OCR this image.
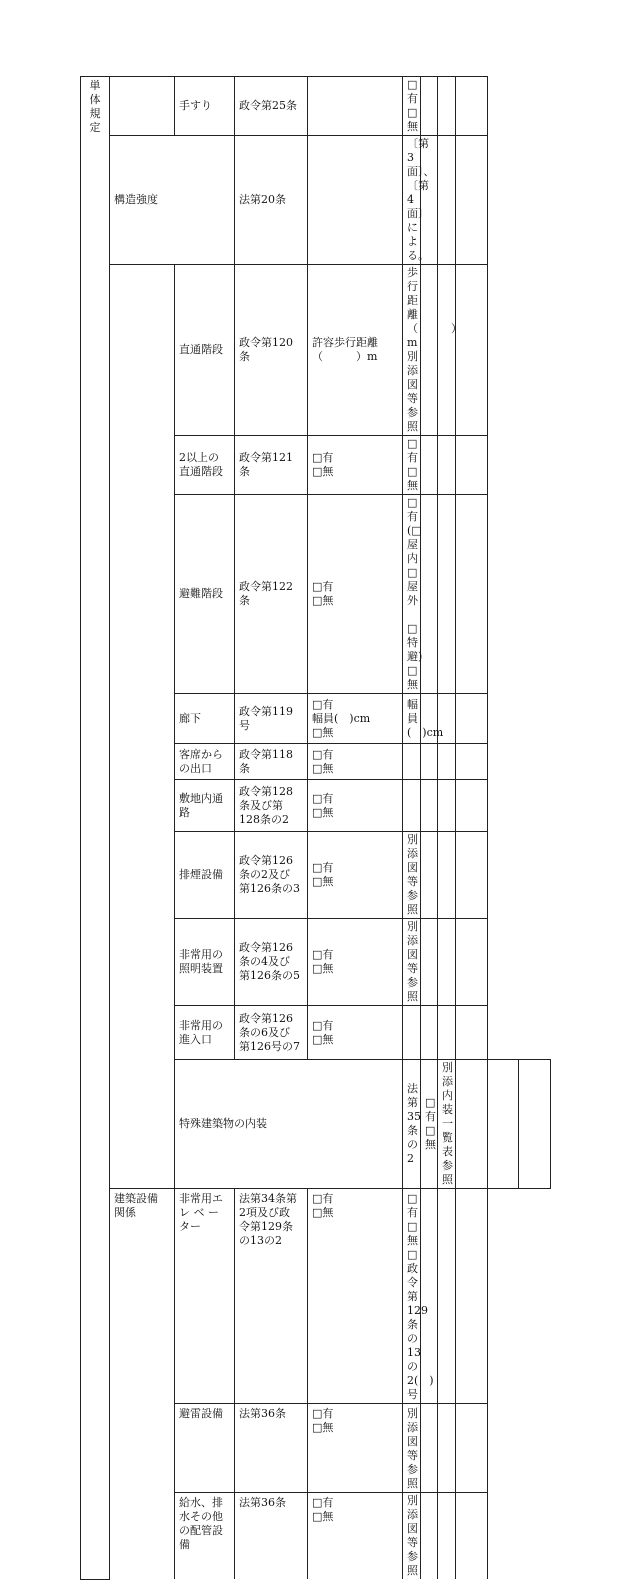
単
体
規
定		手すり	政令第25条		□有
□無					
	構造強度		法第20条		〔第3面〕、〔第4
面〕による。					
		直通階段	政令第120
条	許容歩行距離
（　　　）m	歩行距離
（　　　）m
別添図等参照					
		2以上の
直通階段	政令第121
条	□有
□無	□有
□無					
		避難階段	政令第122
条	□有
□無	□有
(□屋内　□屋外
　□特避)
□無					
		廊下	政令第119
号	□有
幅員(　)cm
□無	幅員(　)cm					
		客席から
の出口	政令第118
条	□有
□無						
		敷地内通
路	政令第128
条及び第
128条の2	□有
□無						
		排煙設備	政令第126
条の2及び
第126条の3	□有
□無	別添図等参照					
		非常用の
照明装置	政令第126
条の4及び
第126条の5	□有
□無	別添図等参照					
		非常用の
進入口	政令第126
条の6及び
第126号の7	□有
□無						
		特殊建築物の内装			法第35条の
2	□有
□無	別添内装一覧表
参照			
	建築設備
関係	非常用エ
レ ベ ー
ター	法第34条第
2項及び政
令第129条
の13の2	□有
□無	□有
□無
□政令第129条の
13の2(　)号					
		避雷設備	法第36条	□有
□無	別添図等参照					
		給水、排
水その他
の配管設
備	法第36条	□有
□無	別添図等参照					
